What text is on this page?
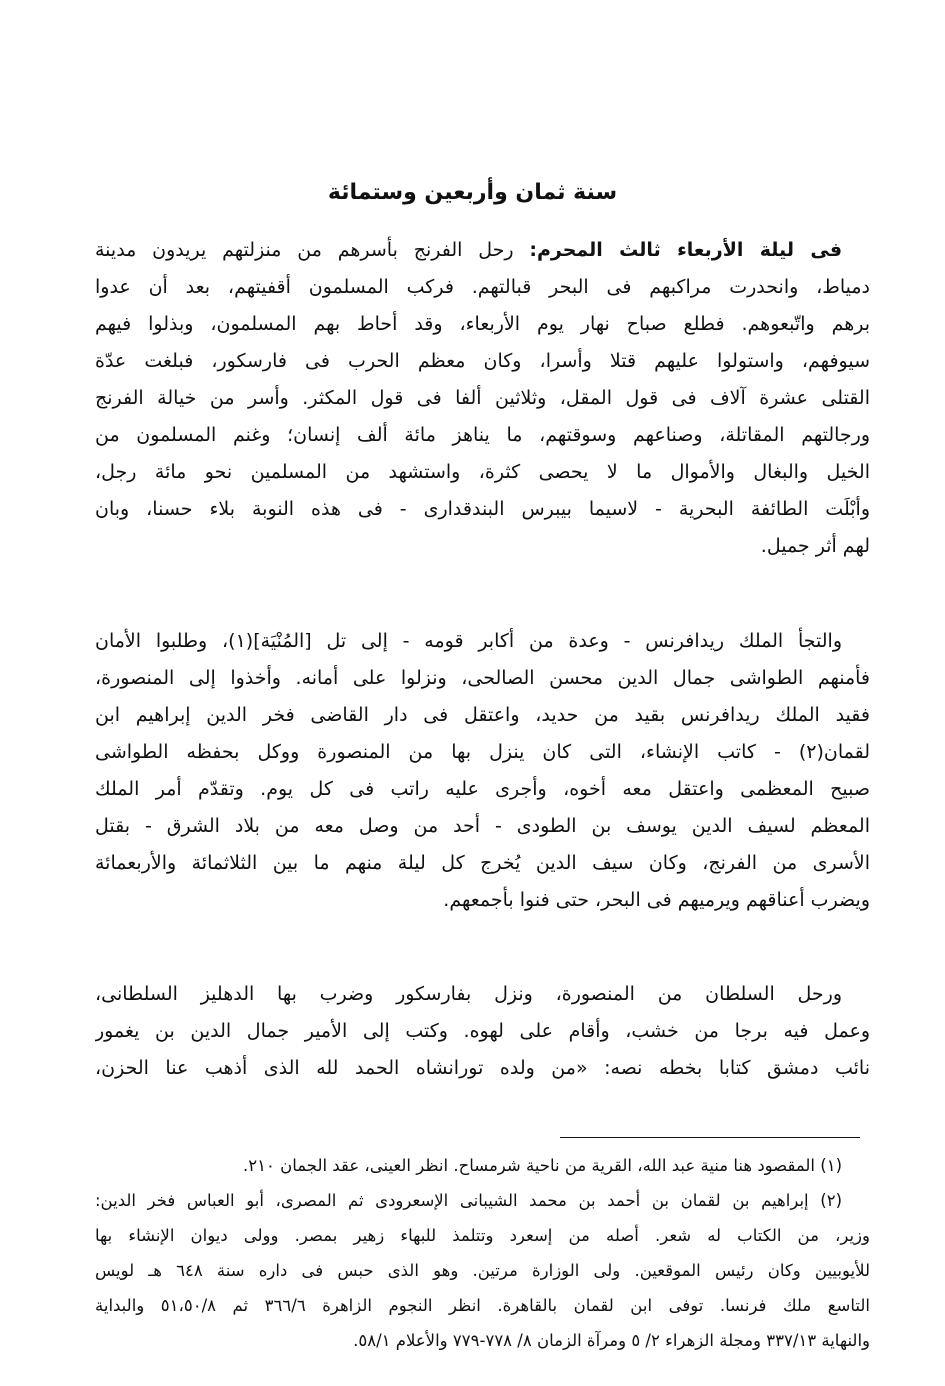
سنة ثمان وأربعين وستمائة
فى ليلة الأربعاء ثالث المحرم: رحل الفرنج بأسرهم من منزلتهم يريدون مدينة
دمياط، وانحدرت مراكبهم فى البحر قبالتهم. فركب المسلمون أقفيتهم، بعد أن عدوا
برهم واتّبعوهم. فطلع صباح نهار يوم الأربعاء، وقد أحاط بهم المسلمون، وبذلوا فيهم
سيوفهم، واستولوا عليهم قتلا وأسرا، وكان معظم الحرب فى فارسكور، فبلغت عدّة
القتلى عشرة آلاف فى قول المقل، وثلاثين ألفا فى قول المكثر. وأسر من خيالة الفرنج
ورجالتهم المقاتلة، وصناعهم وسوقتهم، ما يناهز مائة ألف إنسان؛ وغنم المسلمون من
الخيل والبغال والأموال ما لا يحصى كثرة، واستشهد من المسلمين نحو مائة رجل،
وأبْلَت الطائفة البحرية - لاسيما بيبرس البندقدارى - فى هذه النوبة بلاء حسنا، وبان
لهم أثر جميل.
والتجأ الملك ريدافرنس - وعدة من أكابر قومه - إلى تل [المُنْيَة](١)، وطلبوا الأمان
فأمنهم الطواشى جمال الدين محسن الصالحى، ونزلوا على أمانه. وأخذوا إلى المنصورة،
فقيد الملك ريدافرنس بقيد من حديد، واعتقل فى دار القاضى فخر الدين إبراهيم ابن
لقمان(٢) - كاتب الإنشاء، التى كان ينزل بها من المنصورة ووكل بحفظه الطواشى
صبيح المعظمى واعتقل معه أخوه، وأجرى عليه راتب فى كل يوم. وتقدّم أمر الملك
المعظم لسيف الدين يوسف بن الطودى - أحد من وصل معه من بلاد الشرق - بقتل
الأسرى من الفرنج، وكان سيف الدين يُخرج كل ليلة منهم ما بين الثلاثمائة والأربعمائة
ويضرب أعناقهم ويرميهم فى البحر، حتى فنوا بأجمعهم.
ورحل السلطان من المنصورة، ونزل بفارسكور وضرب بها الدهليز السلطانى،
وعمل فيه برجا من خشب، وأقام على لهوه. وكتب إلى الأمير جمال الدين بن يغمور
نائب دمشق كتابا بخطه نصه: «من ولده تورانشاه الحمد لله الذى أذهب عنا الحزن،
(١) المقصود هنا منية عبد الله، القرية من ناحية شرمساح. انظر العينى، عقد الجمان ٢١٠.
(٢) إبراهيم بن لقمان بن أحمد بن محمد الشيبانى الإسعرودى ثم المصرى، أبو العباس فخر الدين:
وزير، من الكتاب له شعر. أصله من إسعرد وتتلمذ للبهاء زهير بمصر. وولى ديوان الإنشاء بها
للأيوبيين وكان رئيس الموقعين. ولى الوزارة مرتين. وهو الذى حبس فى داره سنة ٦٤٨ هـ لويس
التاسع ملك فرنسا. توفى ابن لقمان بالقاهرة. انظر النجوم الزاهرة ٣٦٦/٦ ثم ٥١،٥٠/٨ والبداية
والنهاية ٣٣٧/١٣ ومجلة الزهراء ٢/ ٥ ومرآة الزمان ٨/ ٧٧٨-٧٧٩ والأعلام ٥٨/١.
